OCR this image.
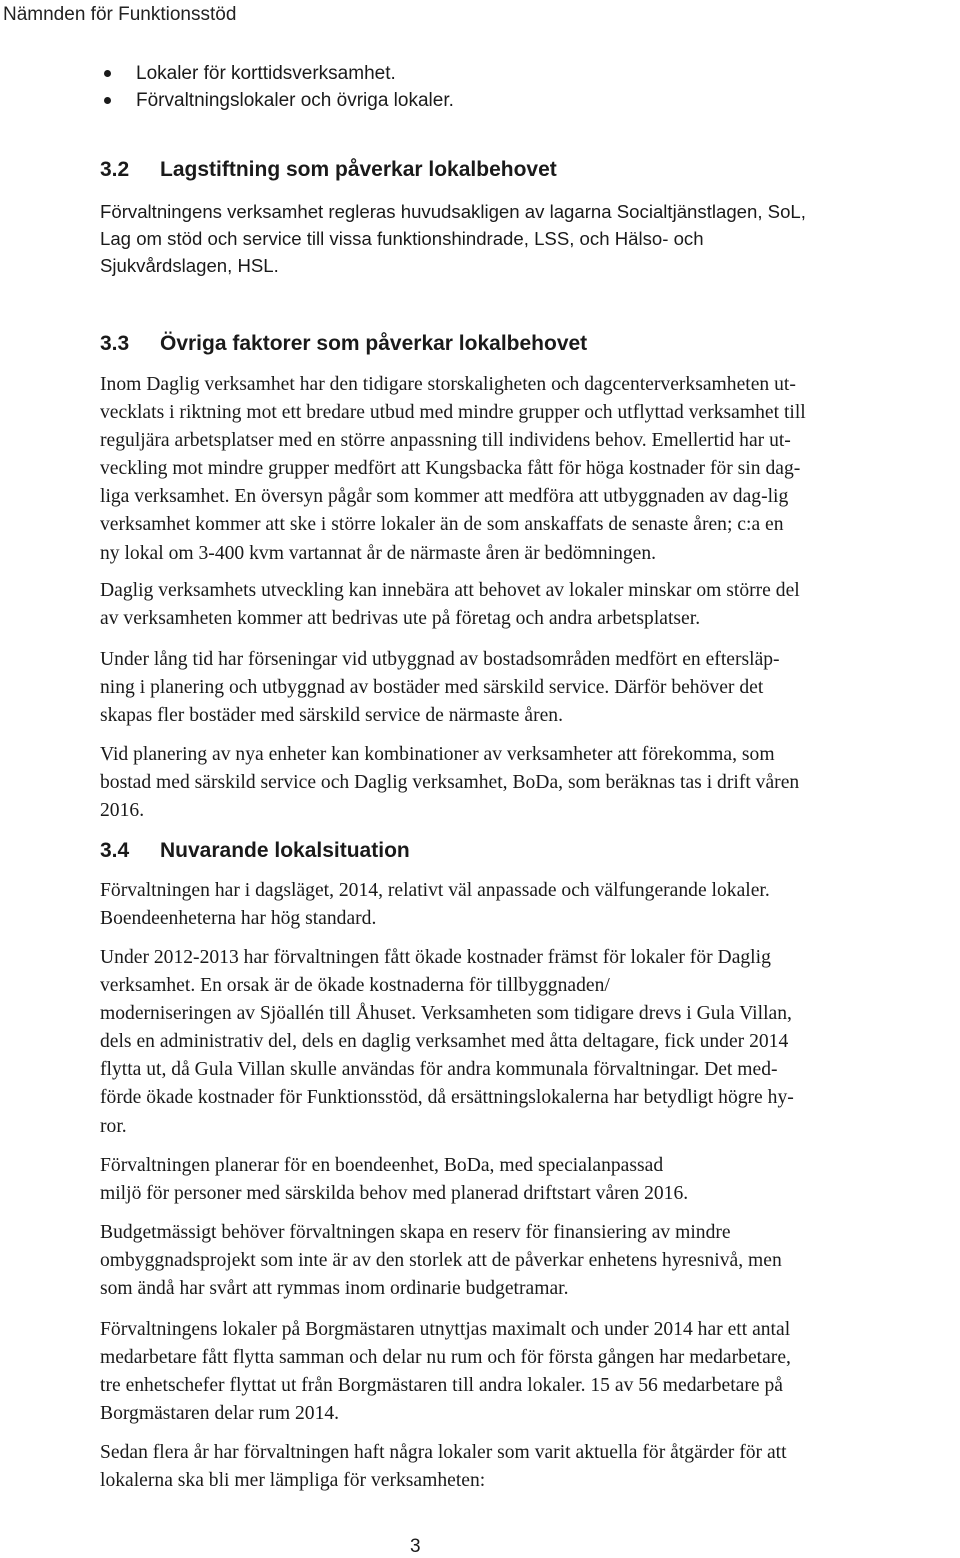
Nämnden för Funktionsstöd
Lokaler för korttidsverksamhet.
Förvaltningslokaler och övriga lokaler.
3.2 Lagstiftning som påverkar lokalbehovet

Förvaltningens verksamhet regleras huvudsakligen av lagarna Socialtjänstlagen, SoL,
Lag om stöd och service till vissa funktionshindrade, LSS, och Hälso- och
Sjukvårdslagen, HSL.

3.3 Övriga faktorer som påverkar lokalbehovet

Inom Daglig verksamhet har den tidigare storskaligheten och dagcenterverksamheten ut-
vecklats i riktning mot ett bredare utbud med mindre grupper och utflyttad verksamhet till
reguljära arbetsplatser med en större anpassning till individens behov. Emellertid har ut-
veckling mot mindre grupper medfört att Kungsbacka fått för höga kostnader för sin dag-
liga verksamhet. En översyn pågår som kommer att medföra att utbyggnaden av dag-lig
verksamhet kommer att ske i större lokaler än de som anskaffats de senaste åren; c:a en
ny lokal om 3-400 kvm vartannat år de närmaste åren är bedömningen.

Daglig verksamhets utveckling kan innebära att behovet av lokaler minskar om större del
av verksamheten kommer att bedrivas ute på företag och andra arbetsplatser.

Under lång tid har förseningar vid utbyggnad av bostadsområden medfört en eftersläp-
ning i planering och utbyggnad av bostäder med särskild service. Därför behöver det
skapas fler bostäder med särskild service de närmaste åren.

Vid planering av nya enheter kan kombinationer av verksamheter att förekomma, som
bostad med särskild service och Daglig verksamhet, BoDa, som beräknas tas i drift våren
2016.

3.4 Nuvarande lokalsituation

Förvaltningen har i dagsläget, 2014, relativt väl anpassade och välfungerande lokaler.
Boendeenheterna har hög standard.

Under 2012-2013 har förvaltningen fått ökade kostnader främst för lokaler för Daglig
verksamhet. En orsak är de ökade kostnaderna för tillbyggnaden/
moderniseringen av Sjöallén till Åhuset. Verksamheten som tidigare drevs i Gula Villan,
dels en administrativ del, dels en daglig verksamhet med åtta deltagare, fick under 2014
flytta ut, då Gula Villan skulle användas för andra kommunala förvaltningar. Det med-
förde ökade kostnader för Funktionsstöd, då ersättningslokalerna har betydligt högre hy-
ror.

Förvaltningen planerar för en boendeenhet, BoDa, med specialanpassad
miljö för personer med särskilda behov med planerad driftstart våren 2016.

Budgetmässigt behöver förvaltningen skapa en reserv för finansiering av mindre
ombyggnadsprojekt som inte är av den storlek att de påverkar enhetens hyresnivå, men
som ändå har svårt att rymmas inom ordinarie budgetramar.

Förvaltningens lokaler på Borgmästaren utnyttjas maximalt och under 2014 har ett antal
medarbetare fått flytta samman och delar nu rum och för första gången har medarbetare,
tre enhetschefer flyttat ut från Borgmästaren till andra lokaler. 15 av 56 medarbetare på
Borgmästaren delar rum 2014.

Sedan flera år har förvaltningen haft några lokaler som varit aktuella för åtgärder för att
lokalerna ska bli mer lämpliga för verksamheten:

3
